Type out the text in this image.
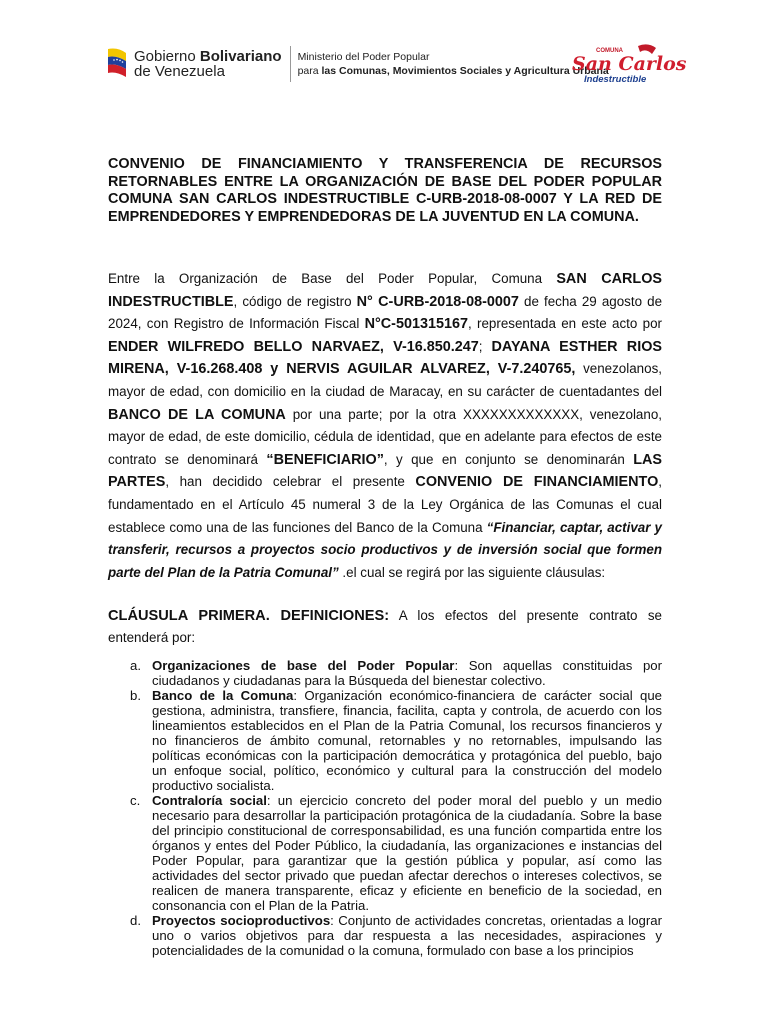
Gobierno Bolivariano
de Venezuela
Ministerio del Poder Popular
para las Comunas, Movimientos Sociales y Agricultura Urbana
COMUNA
San Carlos
Indestructible

CONVENIO DE FINANCIAMIENTO Y TRANSFERENCIA DE RECURSOS RETORNABLES ENTRE LA ORGANIZACIÓN DE BASE DEL PODER POPULAR COMUNA SAN CARLOS INDESTRUCTIBLE C-URB-2018-08-0007 Y LA RED DE EMPRENDEDORES Y EMPRENDEDORAS DE LA JUVENTUD EN LA COMUNA.

Entre la Organización de Base del Poder Popular, Comuna SAN CARLOS INDESTRUCTIBLE, código de registro N° C-URB-2018-08-0007 de fecha 29 agosto de 2024, con Registro de Información Fiscal N°C-501315167, representada en este acto por ENDER WILFREDO BELLO NARVAEZ, V-16.850.247; DAYANA ESTHER RIOS MIRENA, V-16.268.408 y NERVIS AGUILAR ALVAREZ, V-7.240765, venezolanos, mayor de edad, con domicilio en la ciudad de Maracay, en su carácter de cuentadantes del BANCO DE LA COMUNA por una parte; por la otra XXXXXXXXXXXXX, venezolano, mayor de edad, de este domicilio, cédula de identidad, que en adelante para efectos de este contrato se denominará “BENEFICIARIO”, y que en conjunto se denominarán LAS PARTES, han decidido celebrar el presente CONVENIO DE FINANCIAMIENTO, fundamentado en el Artículo 45 numeral 3 de la Ley Orgánica de las Comunas el cual establece como una de las funciones del Banco de la Comuna “Financiar, captar, activar y transferir, recursos a proyectos socio productivos y de inversión social que formen parte del Plan de la Patria Comunal” .el cual se regirá por las siguiente cláusulas:

CLÁUSULA PRIMERA. DEFINICIONES: A los efectos del presente contrato se entenderá por:

a. Organizaciones de base del Poder Popular: Son aquellas constituidas por ciudadanos y ciudadanas para la Búsqueda del bienestar colectivo.
b. Banco de la Comuna: Organización económico-financiera de carácter social que gestiona, administra, transfiere, financia, facilita, capta y controla, de acuerdo con los lineamientos establecidos en el Plan de la Patria Comunal, los recursos financieros y no financieros de ámbito comunal, retornables y no retornables, impulsando las políticas económicas con la participación democrática y protagónica del pueblo, bajo un enfoque social, político, económico y cultural para la construcción del modelo productivo socialista.
c. Contraloría social: un ejercicio concreto del poder moral del pueblo y un medio necesario para desarrollar la participación protagónica de la ciudadanía. Sobre la base del principio constitucional de corresponsabilidad, es una función compartida entre los órganos y entes del Poder Público, la ciudadanía, las organizaciones e instancias del Poder Popular, para garantizar que la gestión pública y popular, así como las actividades del sector privado que puedan afectar derechos o intereses colectivos, se realicen de manera transparente, eficaz y eficiente en beneficio de la sociedad, en consonancia con el Plan de la Patria.
d. Proyectos socioproductivos: Conjunto de actividades concretas, orientadas a lograr uno o varios objetivos para dar respuesta a las necesidades, aspiraciones y potencialidades de la comunidad o la comuna, formulado con base a los principios
